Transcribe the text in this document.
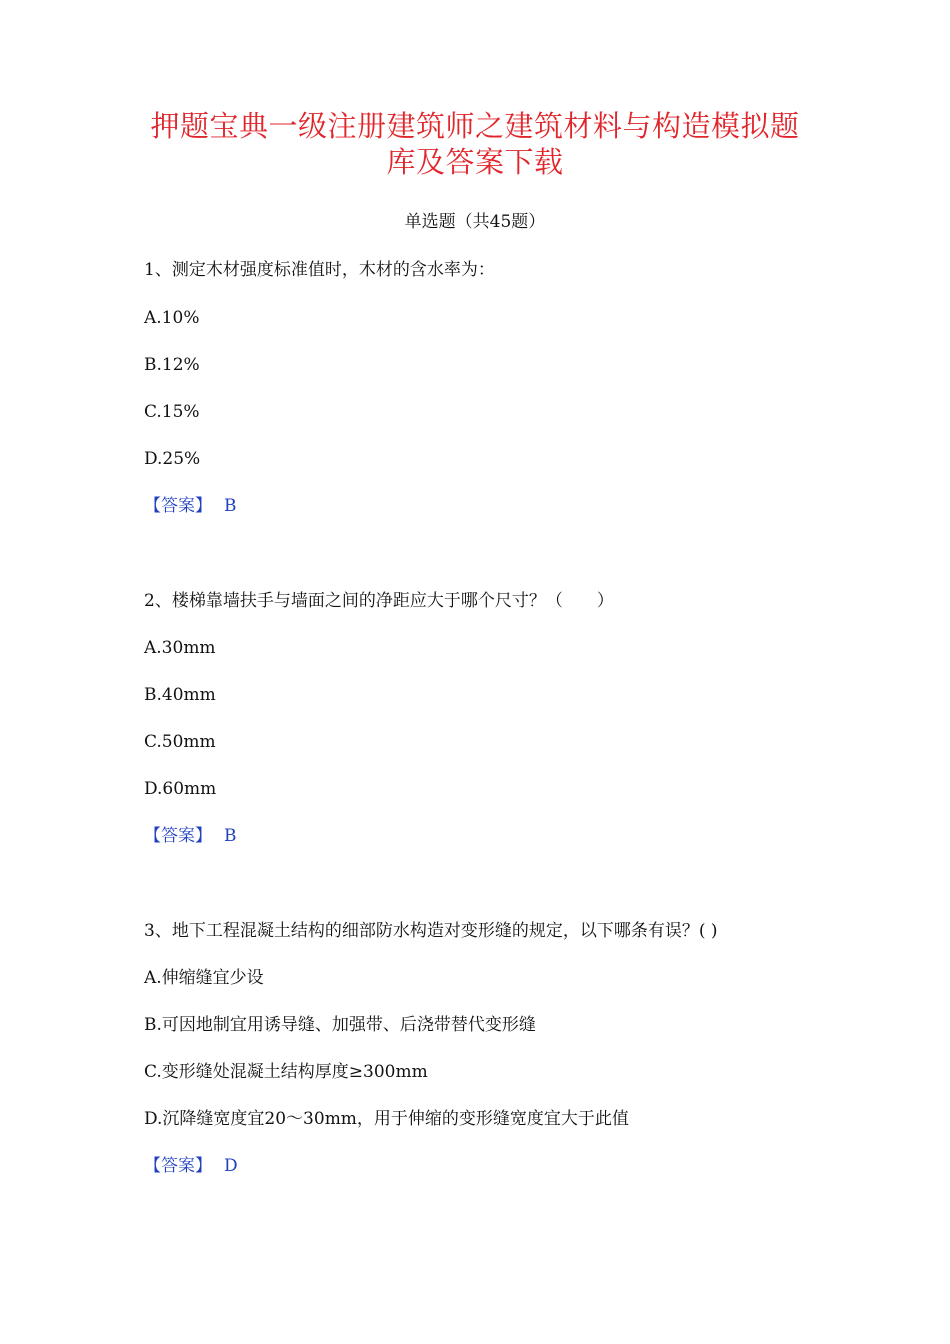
押题宝典一级注册建筑师之建筑材料与构造模拟题
库及答案下载
单选题（共45题）
1、测定木材强度标准值时，木材的含水率为：
A.10%
B.12%
C.15%
D.25%
【答案】 B
2、楼梯靠墙扶手与墙面之间的净距应大于哪个尺寸？（　　）
A.30mm
B.40mm
C.50mm
D.60mm
【答案】 B
3、地下工程混凝土结构的细部防水构造对变形缝的规定，以下哪条有误？( )
A.伸缩缝宜少设
B.可因地制宜用诱导缝、加强带、后浇带替代变形缝
C.变形缝处混凝土结构厚度≥300mm
D.沉降缝宽度宜20～30mm，用于伸缩的变形缝宽度宜大于此值
【答案】 D
